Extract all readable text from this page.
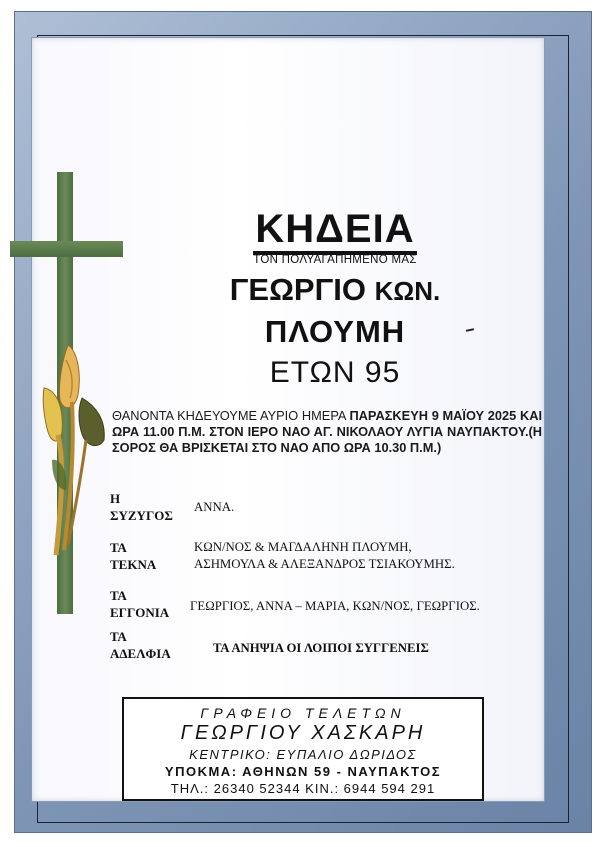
ΚΗΔΕΙΑ
ΤΟΝ ΠΟΛΥΑΓΑΠΗΜΕΝΟ ΜΑΣ
ΓΕΩΡΓΙΟ ΚΩΝ.
ΠΛΟΥΜΗ
ΕΤΩΝ 95
ΘΑΝΟΝΤΑ ΚΗΔΕΥΟΥΜΕ ΑΥΡΙΟ ΗΜΕΡΑ ΠΑΡΑΣΚΕΥΗ 9 ΜΑΪΟΥ 2025 ΚΑΙ ΩΡΑ 11.00 Π.Μ. ΣΤΟΝ ΙΕΡΟ ΝΑΟ ΑΓ. ΝΙΚΟΛΑΟΥ ΛΥΓΙΑ ΝΑΥΠΑΚΤΟΥ.(Η ΣΟΡΟΣ ΘΑ ΒΡΙΣΚΕΤΑΙ ΣΤΟ ΝΑΟ ΑΠΟ ΩΡΑ 10.30 Π.Μ.)
Η
ΣΥΖΥΓΟΣ
ΑΝΝΑ.
ΤΑ
ΤΕΚΝΑ
ΚΩΝ/ΝΟΣ & ΜΑΓΔΑΛΗΝΗ ΠΛΟΥΜΗ,
ΑΣΗΜΟΥΛΑ & ΑΛΕΞΑΝΔΡΟΣ ΤΣΙΑΚΟΥΜΗΣ.
ΤΑ
ΕΓΓΟΝΙΑ ΓΕΩΡΓΙΟΣ, ΑΝΝΑ – ΜΑΡΙΑ, ΚΩΝ/ΝΟΣ, ΓΕΩΡΓΙΟΣ.
ΤΑ
ΑΔΕΛΦΙΑ	ΤΑ ΑΝΗΨΙΑ ΟΙ ΛΟΙΠΟΙ ΣΥΓΓΕΝΕΙΣ
ΓΡΑΦΕΙΟ ΤΕΛΕΤΩΝ
ΓΕΩΡΓΙΟΥ ΧΑΣΚΑΡΗ
ΚΕΝΤΡΙΚΟ: ΕΥΠΑΛΙΟ ΔΩΡΙΔΟΣ
ΥΠΟΚΜΑ: ΑΘΗΝΩΝ 59 - ΝΑΥΠΑΚΤΟΣ
ΤΗΛ.: 26340 52344 ΚΙΝ.: 6944 594 291
